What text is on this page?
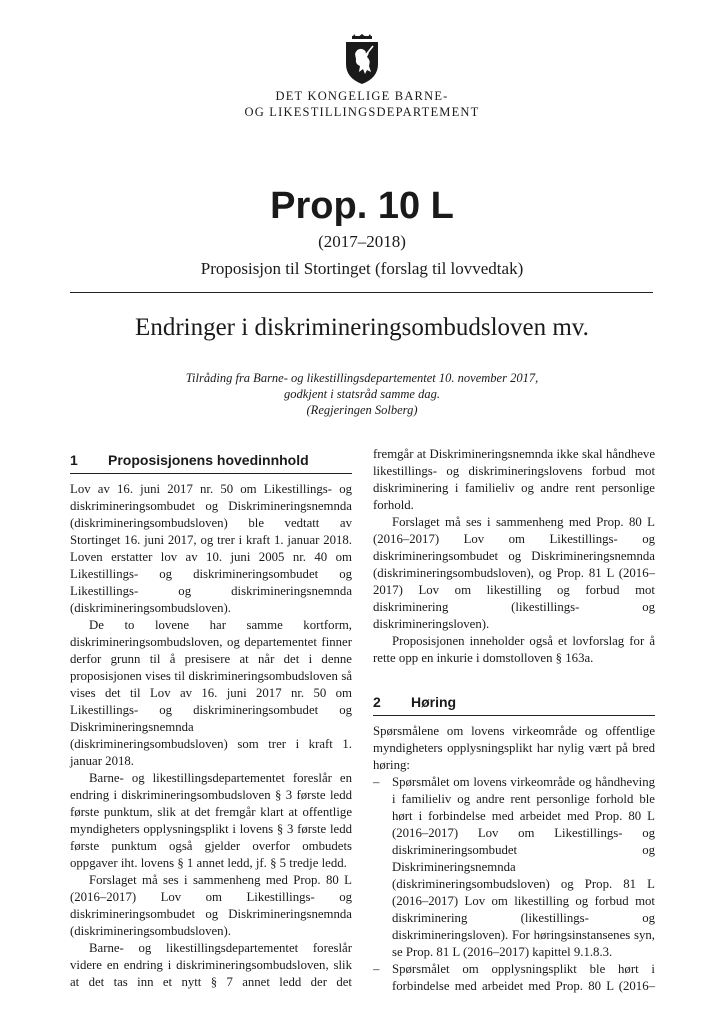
DET KONGELIGE BARNE-
OG LIKESTILLINGSDEPARTEMENT
Prop. 10 L
(2017–2018)
Proposisjon til Stortinget (forslag til lovvedtak)
Endringer i diskrimineringsombudsloven mv.
Tilråding fra Barne- og likestillingsdepartementet 10. november 2017,
godkjent i statsråd samme dag.
(Regjeringen Solberg)
1	Proposisjonens hovedinnhold

Lov av 16. juni 2017 nr. 50 om Likestillings- og diskrimineringsombudet og Diskrimineringsnemnda (diskrimineringsombudsloven) ble vedtatt av Stortinget 16. juni 2017, og trer i kraft 1. januar 2018. Loven erstatter lov av 10. juni 2005 nr. 40 om Likestillings- og diskrimineringsombudet og Likestillings- og diskrimineringsnemnda (diskrimineringsombudsloven).

De to lovene har samme kortform, diskrimineringsombudsloven, og departementet finner derfor grunn til å presisere at når det i denne proposisjonen vises til diskrimineringsombudsloven så vises det til Lov av 16. juni 2017 nr. 50 om Likestillings- og diskrimineringsombudet og Diskrimineringsnemnda (diskrimineringsombudsloven) som trer i kraft 1. januar 2018.

Barne- og likestillingsdepartementet foreslår en endring i diskrimineringsombudsloven § 3 første ledd første punktum, slik at det fremgår klart at offentlige myndigheters opplysningsplikt i lovens § 3 første ledd første punktum også gjelder overfor ombudets oppgaver iht. lovens § 1 annet ledd, jf. § 5 tredje ledd.

Forslaget må ses i sammenheng med Prop. 80 L (2016–2017) Lov om Likestillings- og diskrimineringsombudet og Diskrimineringsnemnda (diskrimineringsombudsloven).

Barne- og likestillingsdepartementet foreslår videre en endring i diskrimineringsombudsloven, slik at det tas inn et nytt § 7 annet ledd der det

fremgår at Diskrimineringsnemnda ikke skal håndheve likestillings- og diskrimineringslovens forbud mot diskriminering i familieliv og andre rent personlige forhold.

Forslaget må ses i sammenheng med Prop. 80 L (2016–2017) Lov om Likestillings- og diskrimineringsombudet og Diskrimineringsnemnda (diskrimineringsombudsloven), og Prop. 81 L (2016–2017) Lov om likestilling og forbud mot diskriminering (likestillings- og diskrimineringsloven).

Proposisjonen inneholder også et lovforslag for å rette opp en inkurie i domstolloven § 163a.

2	Høring

Spørsmålene om lovens virkeområde og offentlige myndigheters opplysningsplikt har nylig vært på bred høring:

– Spørsmålet om lovens virkeområde og håndheving i familieliv og andre rent personlige forhold ble hørt i forbindelse med arbeidet med Prop. 80 L (2016–2017) Lov om Likestillings- og diskrimineringsombudet og Diskrimineringsnemnda (diskrimineringsombudsloven) og Prop. 81 L (2016–2017) Lov om likestilling og forbud mot diskriminering (likestillings- og diskrimineringsloven). For høringsinstansenes syn, se Prop. 81 L (2016–2017) kapittel 9.1.8.3.
– Spørsmålet om opplysningsplikt ble hørt i forbindelse med arbeidet med Prop. 80 L (2016–
